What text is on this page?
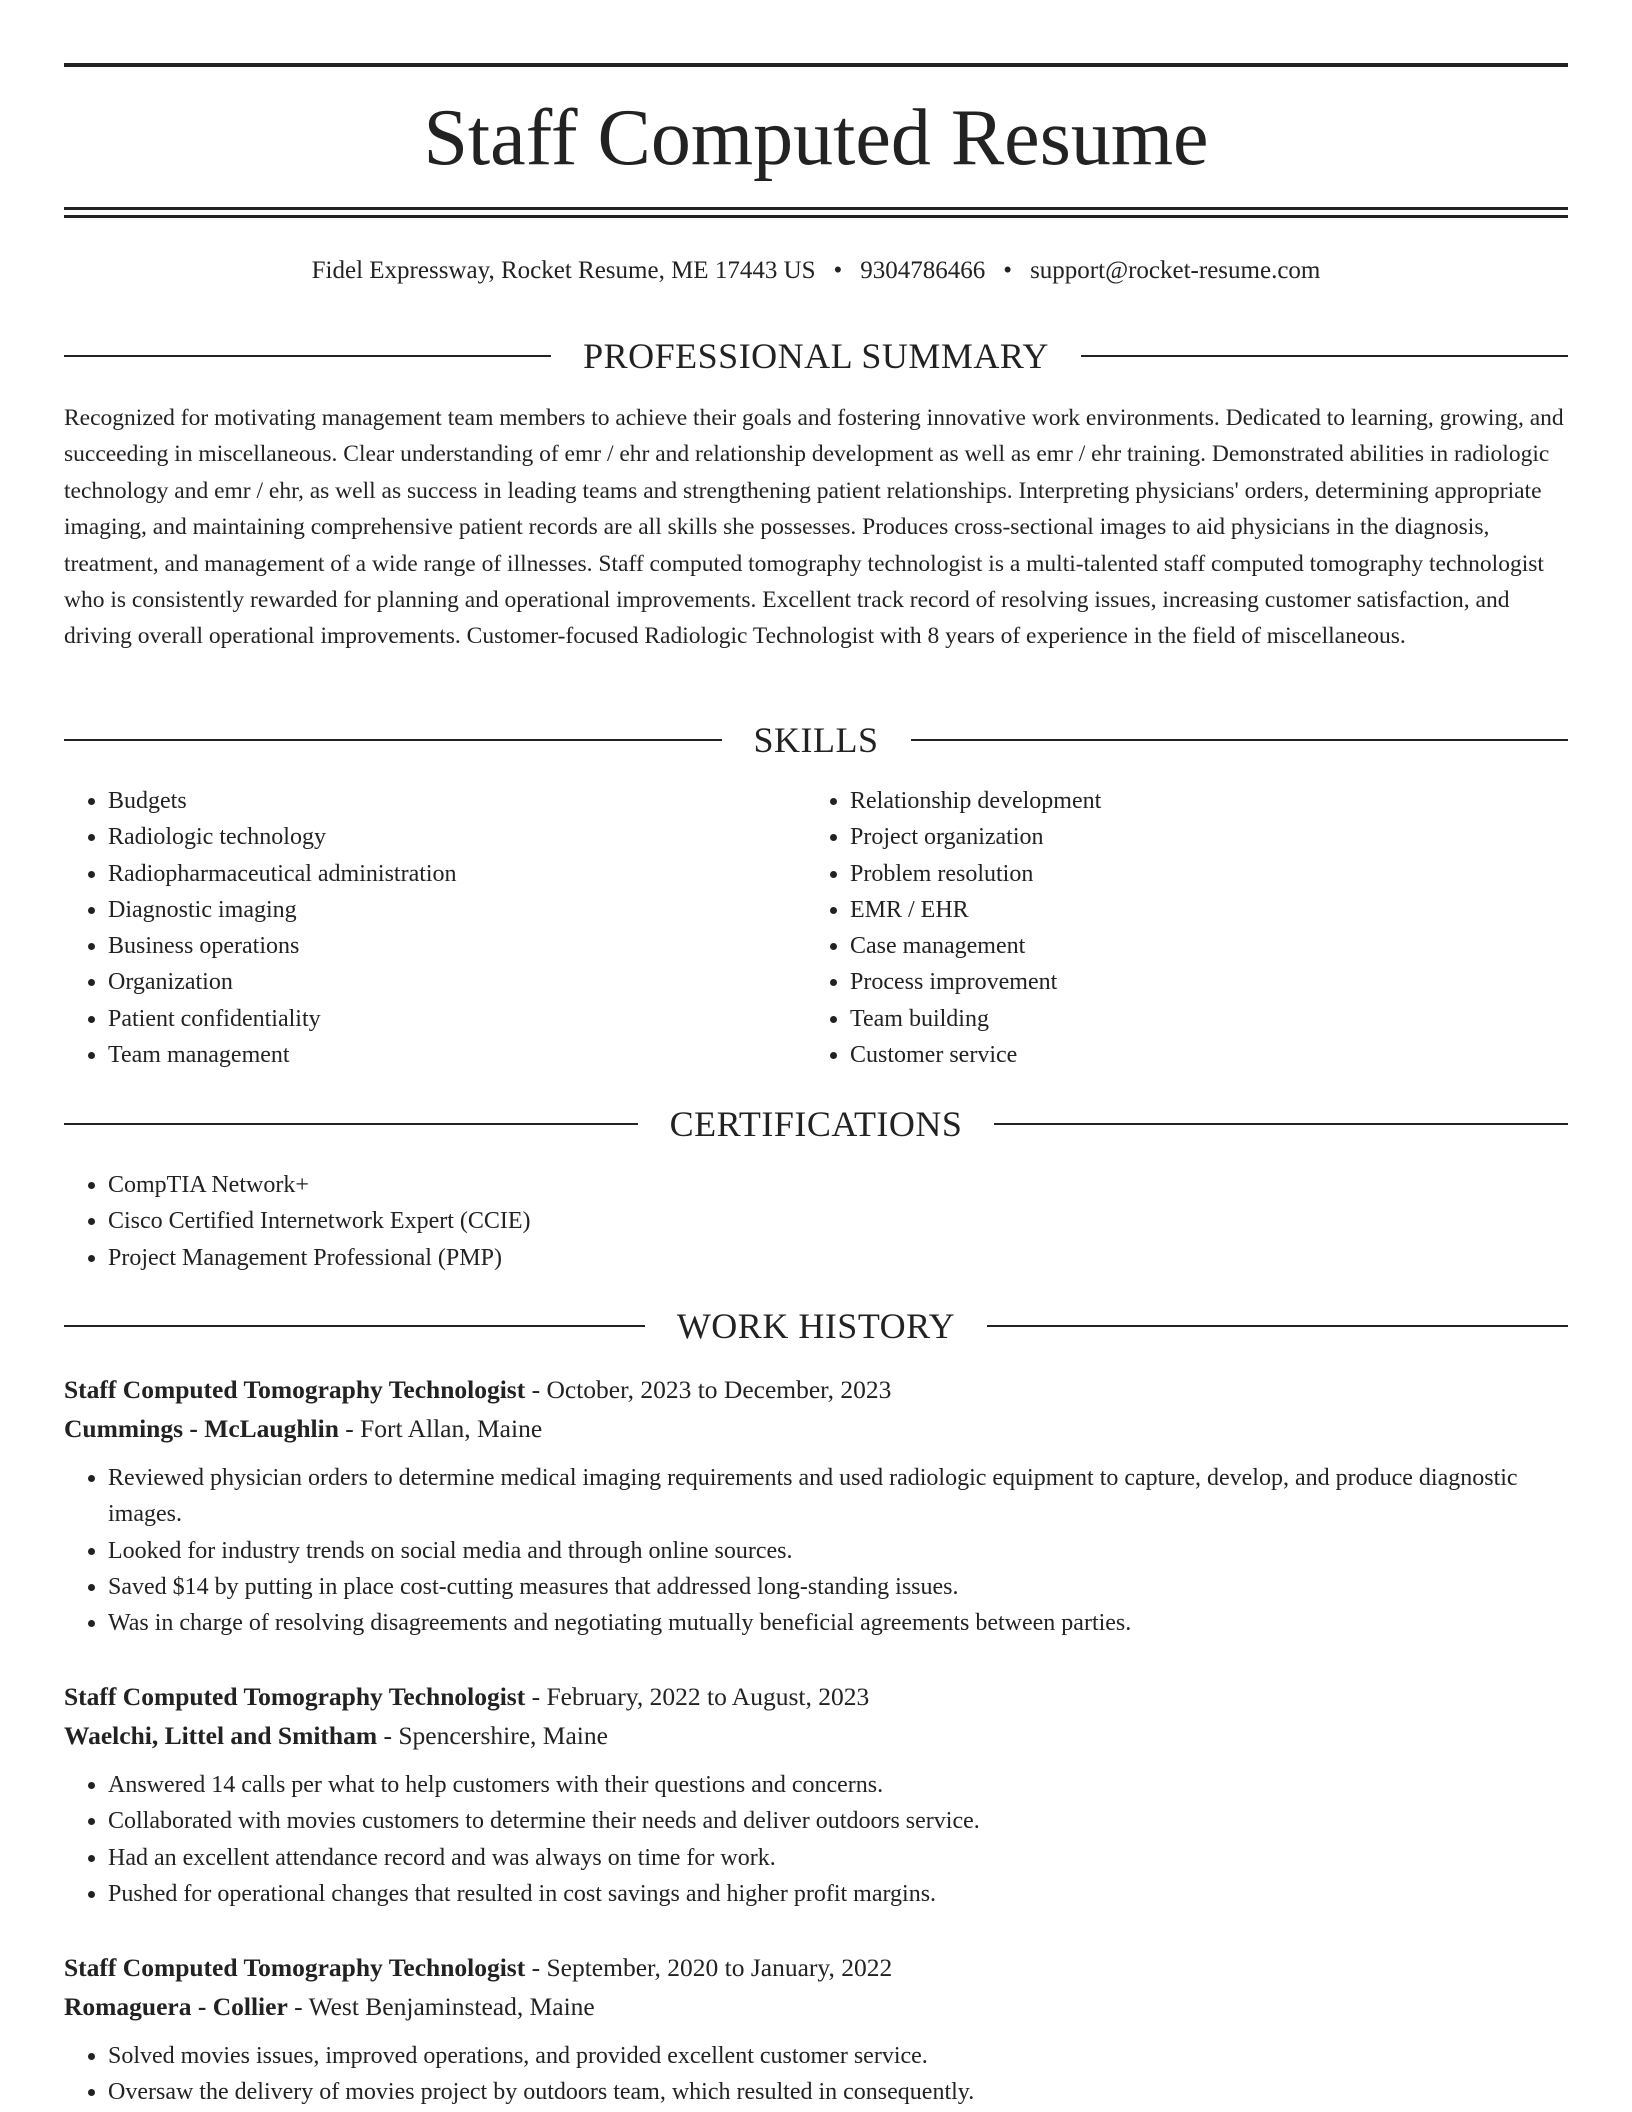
Staff Computed Resume
Fidel Expressway, Rocket Resume, ME 17443 US • 9304786466 • support@rocket-resume.com
PROFESSIONAL SUMMARY

Recognized for motivating management team members to achieve their goals and fostering innovative work environments. Dedicated to learning, growing, and succeeding in miscellaneous. Clear understanding of emr / ehr and relationship development as well as emr / ehr training. Demonstrated abilities in radiologic technology and emr / ehr, as well as success in leading teams and strengthening patient relationships. Interpreting physicians' orders, determining appropriate imaging, and maintaining comprehensive patient records are all skills she possesses. Produces cross-sectional images to aid physicians in the diagnosis, treatment, and management of a wide range of illnesses. Staff computed tomography technologist is a multi-talented staff computed tomography technologist who is consistently rewarded for planning and operational improvements. Excellent track record of resolving issues, increasing customer satisfaction, and driving overall operational improvements. Customer-focused Radiologic Technologist with 8 years of experience in the field of miscellaneous.

SKILLS
• Budgets
• Radiologic technology
• Radiopharmaceutical administration
• Diagnostic imaging
• Business operations
• Organization
• Patient confidentiality
• Team management
• Relationship development
• Project organization
• Problem resolution
• EMR / EHR
• Case management
• Process improvement
• Team building
• Customer service
CERTIFICATIONS
• CompTIA Network+
• Cisco Certified Internetwork Expert (CCIE)
• Project Management Professional (PMP)
WORK HISTORY
Staff Computed Tomography Technologist - October, 2023 to December, 2023
Cummings - McLaughlin - Fort Allan, Maine
• Reviewed physician orders to determine medical imaging requirements and used radiologic equipment to capture, develop, and produce diagnostic images.
• Looked for industry trends on social media and through online sources.
• Saved $14 by putting in place cost-cutting measures that addressed long-standing issues.
• Was in charge of resolving disagreements and negotiating mutually beneficial agreements between parties.
Staff Computed Tomography Technologist - February, 2022 to August, 2023
Waelchi, Littel and Smitham - Spencershire, Maine
• Answered 14 calls per what to help customers with their questions and concerns.
• Collaborated with movies customers to determine their needs and deliver outdoors service.
• Had an excellent attendance record and was always on time for work.
• Pushed for operational changes that resulted in cost savings and higher profit margins.
Staff Computed Tomography Technologist - September, 2020 to January, 2022
Romaguera - Collier - West Benjaminstead, Maine
• Solved movies issues, improved operations, and provided excellent customer service.
• Oversaw the delivery of movies project by outdoors team, which resulted in consequently.
